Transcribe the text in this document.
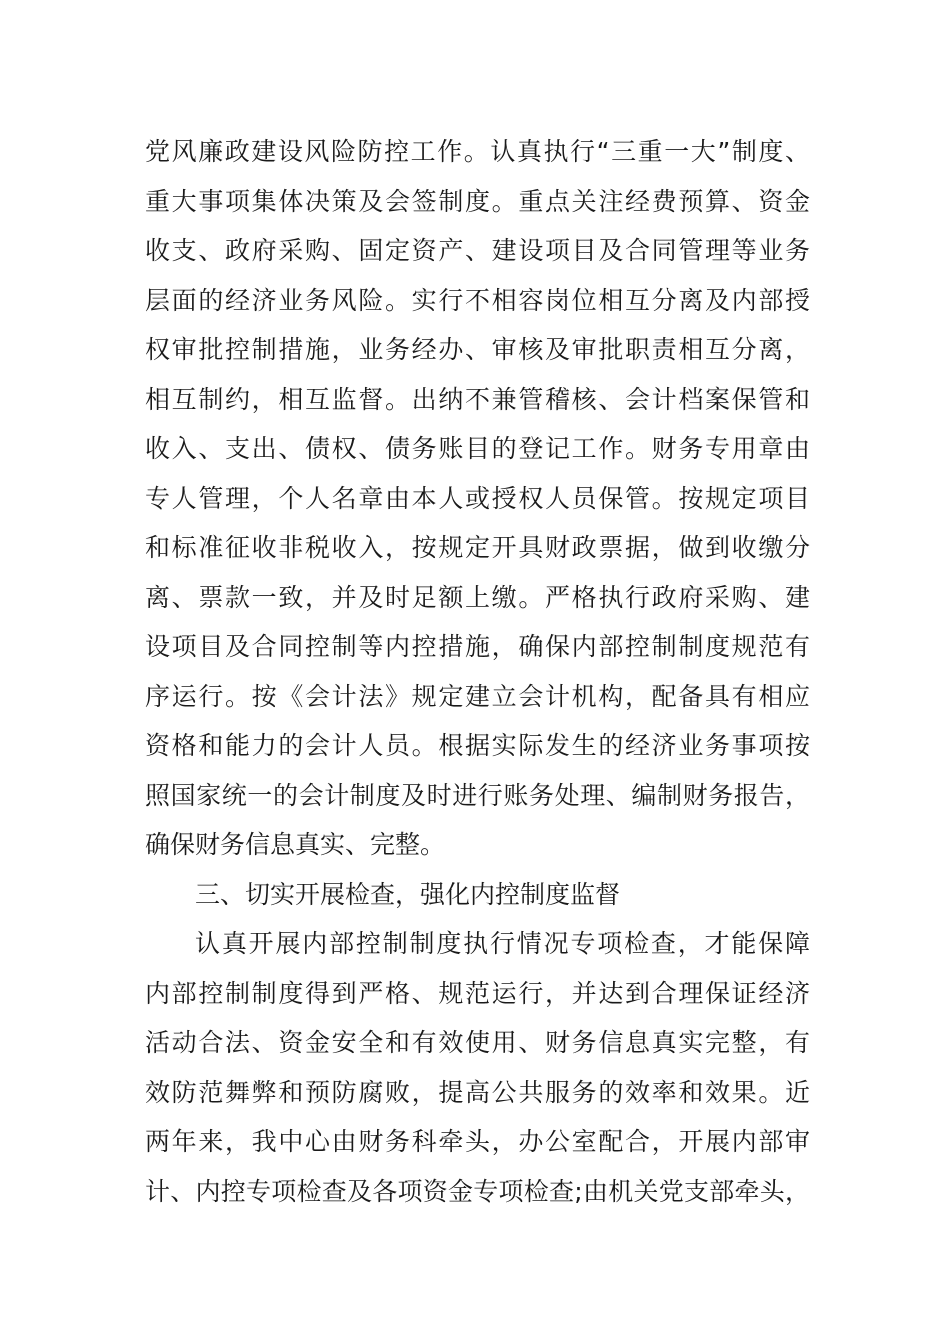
党风廉政建设风险防控工作。认真执行“三重一大”制度、
重大事项集体决策及会签制度。重点关注经费预算、资金
收支、政府采购、固定资产、建设项目及合同管理等业务
层面的经济业务风险。实行不相容岗位相互分离及内部授
权审批控制措施，业务经办、审核及审批职责相互分离，
相互制约，相互监督。出纳不兼管稽核、会计档案保管和
收入、支出、债权、债务账目的登记工作。财务专用章由
专人管理，个人名章由本人或授权人员保管。按规定项目
和标准征收非税收入，按规定开具财政票据，做到收缴分
离、票款一致，并及时足额上缴。严格执行政府采购、建
设项目及合同控制等内控措施，确保内部控制制度规范有
序运行。按《会计法》规定建立会计机构，配备具有相应
资格和能力的会计人员。根据实际发生的经济业务事项按
照国家统一的会计制度及时进行账务处理、编制财务报告，
确保财务信息真实、完整。
三、切实开展检查，强化内控制度监督
认真开展内部控制制度执行情况专项检查，才能保障
内部控制制度得到严格、规范运行，并达到合理保证经济
活动合法、资金安全和有效使用、财务信息真实完整，有
效防范舞弊和预防腐败，提高公共服务的效率和效果。近
两年来，我中心由财务科牵头，办公室配合，开展内部审
计、内控专项检查及各项资金专项检查;由机关党支部牵头，
